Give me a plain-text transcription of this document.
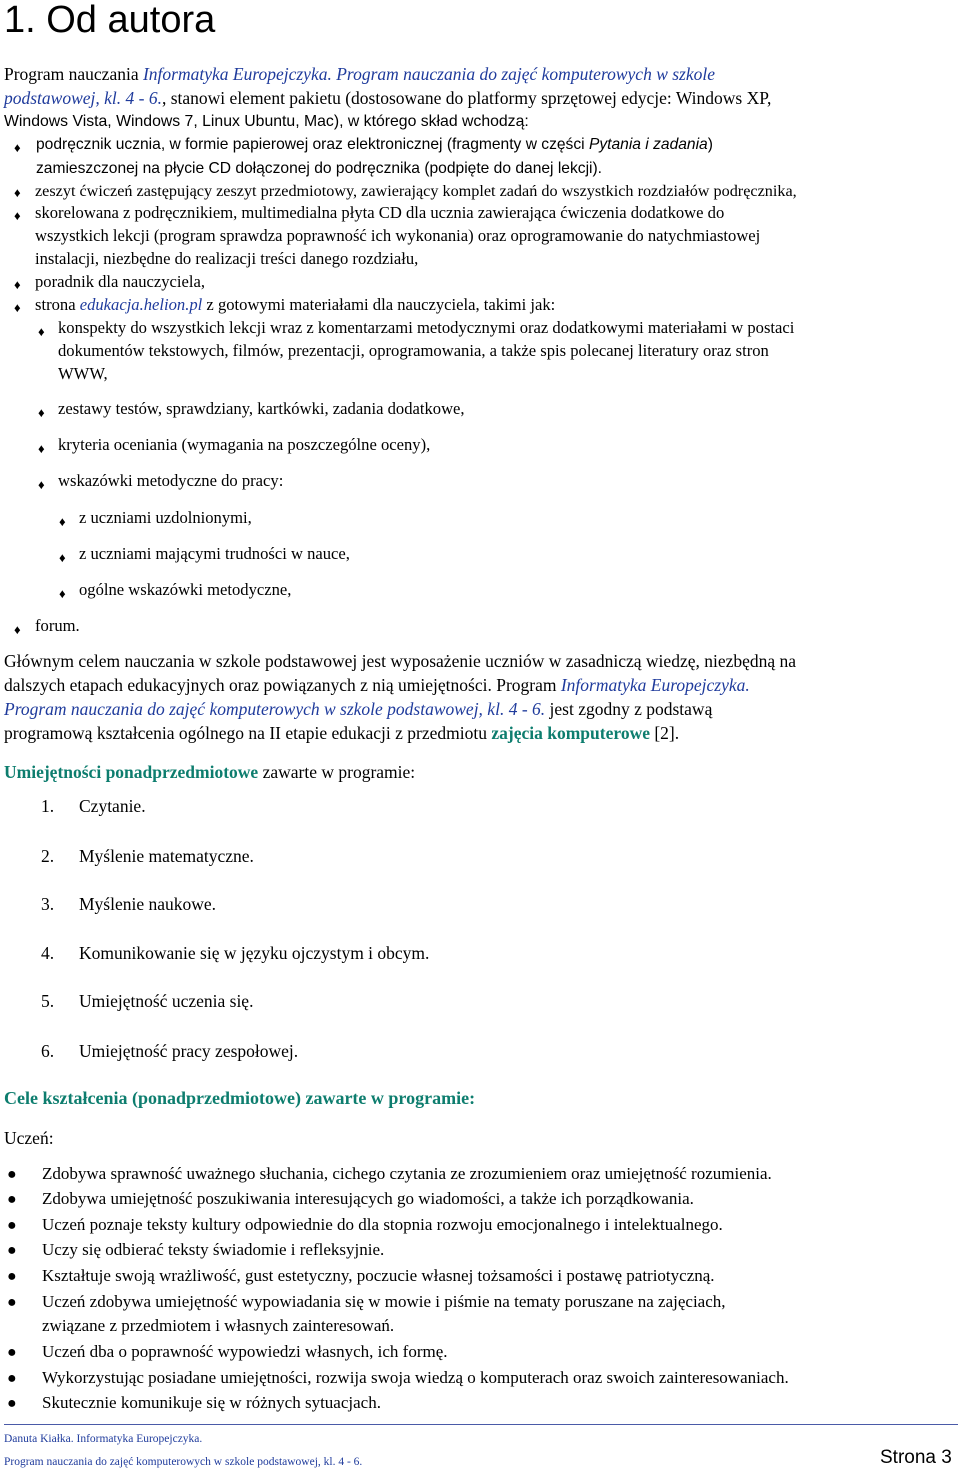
1. Od autora
Program nauczania Informatyka Europejczyka. Program nauczania do zajęć komputerowych w szkole
podstawowej, kl. 4 - 6., stanowi element pakietu (dostosowane do platformy sprzętowej edycje: Windows XP,
Windows Vista, Windows 7, Linux Ubuntu, Mac), w którego skład wchodzą:
♦ podręcznik ucznia, w formie papierowej oraz elektronicznej (fragmenty w części Pytania i zadania)
zamieszczonej na płycie CD dołączonej do podręcznika (podpięte do danej lekcji).
♦ zeszyt ćwiczeń zastępujący zeszyt przedmiotowy, zawierający komplet zadań do wszystkich rozdziałów podręcznika,
♦ skorelowana z podręcznikiem, multimedialna płyta CD dla ucznia zawierająca ćwiczenia dodatkowe do
wszystkich lekcji (program sprawdza poprawność ich wykonania) oraz oprogramowanie do natychmiastowej
instalacji, niezbędne do realizacji treści danego rozdziału,
♦ poradnik dla nauczyciela,
♦ strona edukacja.helion.pl z gotowymi materiałami dla nauczyciela, takimi jak:
♦ konspekty do wszystkich lekcji wraz z komentarzami metodycznymi oraz dodatkowymi materiałami w postaci
dokumentów tekstowych, filmów, prezentacji, oprogramowania, a także spis polecanej literatury oraz stron
WWW,
♦ zestawy testów, sprawdziany, kartkówki, zadania dodatkowe,
♦ kryteria oceniania (wymagania na poszczególne oceny),
♦ wskazówki metodyczne do pracy:
♦ z uczniami uzdolnionymi,
♦ z uczniami mającymi trudności w nauce,
♦ ogólne wskazówki metodyczne,
♦ forum.
Głównym celem nauczania w szkole podstawowej jest wyposażenie uczniów w zasadniczą wiedzę, niezbędną na
dalszych etapach edukacyjnych oraz powiązanych z nią umiejętności. Program Informatyka Europejczyka.
Program nauczania do zajęć komputerowych w szkole podstawowej, kl. 4 - 6. jest zgodny z podstawą
programową kształcenia ogólnego na II etapie edukacji z przedmiotu zajęcia komputerowe [2].
Umiejętności ponadprzedmiotowe zawarte w programie:
1. Czytanie.
2. Myślenie matematyczne.
3. Myślenie naukowe.
4. Komunikowanie się w języku ojczystym i obcym.
5. Umiejętność uczenia się.
6. Umiejętność pracy zespołowej.
Cele kształcenia (ponadprzedmiotowe) zawarte w programie:
Uczeń:
● Zdobywa sprawność uważnego słuchania, cichego czytania ze zrozumieniem oraz umiejętność rozumienia.
● Zdobywa umiejętność poszukiwania interesujących go wiadomości, a także ich porządkowania.
● Uczeń poznaje teksty kultury odpowiednie do dla stopnia rozwoju emocjonalnego i intelektualnego.
● Uczy się odbierać teksty świadomie i refleksyjnie.
● Kształtuje swoją wrażliwość, gust estetyczny, poczucie własnej tożsamości i postawę patriotyczną.
● Uczeń zdobywa umiejętność wypowiadania się w mowie i piśmie na tematy poruszane na zajęciach,
związane z przedmiotem i własnych zainteresowań.
● Uczeń dba o poprawność wypowiedzi własnych, ich formę.
● Wykorzystując posiadane umiejętności, rozwija swoja wiedzą o komputerach oraz swoich zainteresowaniach.
● Skutecznie komunikuje się w różnych sytuacjach.
Danuta Kiałka. Informatyka Europejczyka.
Program nauczania do zajęć komputerowych w szkole podstawowej, kl. 4 - 6.	Strona 3
